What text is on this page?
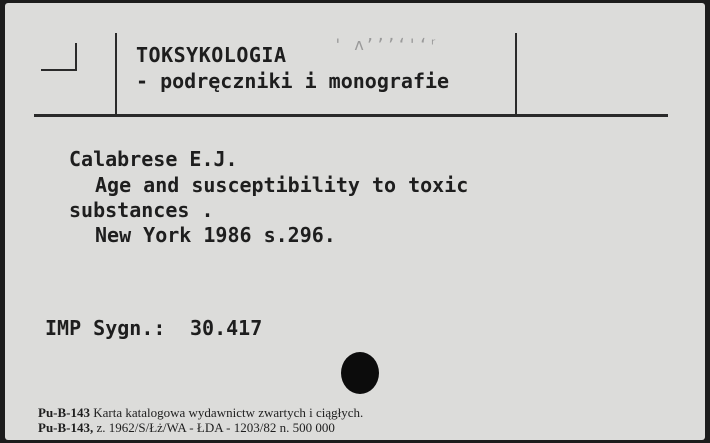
TOKSYKOLOGIA	' ʌ’ʼʼʻ'ʻʳ
- podręczniki i monografie
Calabrese E.J.
Age and susceptibility to toxic
substances .
New York 1986 s.296.
IMP Sygn.: 30.417
Pu-B-143 Karta katalogowa wydawnictw zwartych i ciągłych.
Pu-B-143, z. 1962/S/Łż/WA - ŁDA - 1203/82 n. 500 000
